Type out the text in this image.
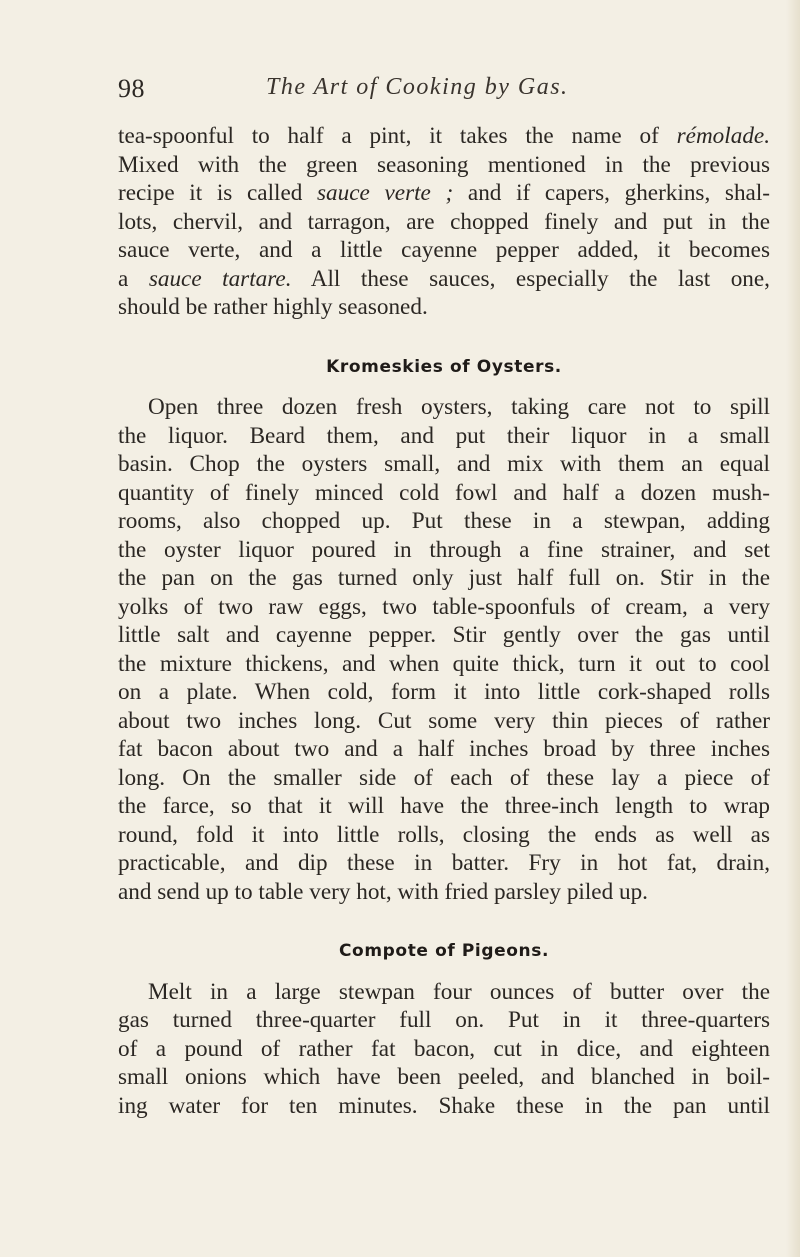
98	The Art of Cooking by Gas.

tea-spoonful to half a pint, it takes the name of rémolade.
Mixed with the green seasoning mentioned in the previous
recipe it is called sauce verte ; and if capers, gherkins, shal-
lots, chervil, and tarragon, are chopped finely and put in the
sauce verte, and a little cayenne pepper added, it becomes
a sauce tartare. All these sauces, especially the last one,
should be rather highly seasoned.

Kromeskies of Oysters.

Open three dozen fresh oysters, taking care not to spill
the liquor. Beard them, and put their liquor in a small
basin. Chop the oysters small, and mix with them an equal
quantity of finely minced cold fowl and half a dozen mush-
rooms, also chopped up. Put these in a stewpan, adding
the oyster liquor poured in through a fine strainer, and set
the pan on the gas turned only just half full on. Stir in the
yolks of two raw eggs, two table-spoonfuls of cream, a very
little salt and cayenne pepper. Stir gently over the gas until
the mixture thickens, and when quite thick, turn it out to cool
on a plate. When cold, form it into little cork-shaped rolls
about two inches long. Cut some very thin pieces of rather
fat bacon about two and a half inches broad by three inches
long. On the smaller side of each of these lay a piece of
the farce, so that it will have the three-inch length to wrap
round, fold it into little rolls, closing the ends as well as
practicable, and dip these in batter. Fry in hot fat, drain,
and send up to table very hot, with fried parsley piled up.

Compote of Pigeons.

Melt in a large stewpan four ounces of butter over the
gas turned three-quarter full on. Put in it three-quarters
of a pound of rather fat bacon, cut in dice, and eighteen
small onions which have been peeled, and blanched in boil-
ing water for ten minutes. Shake these in the pan until
